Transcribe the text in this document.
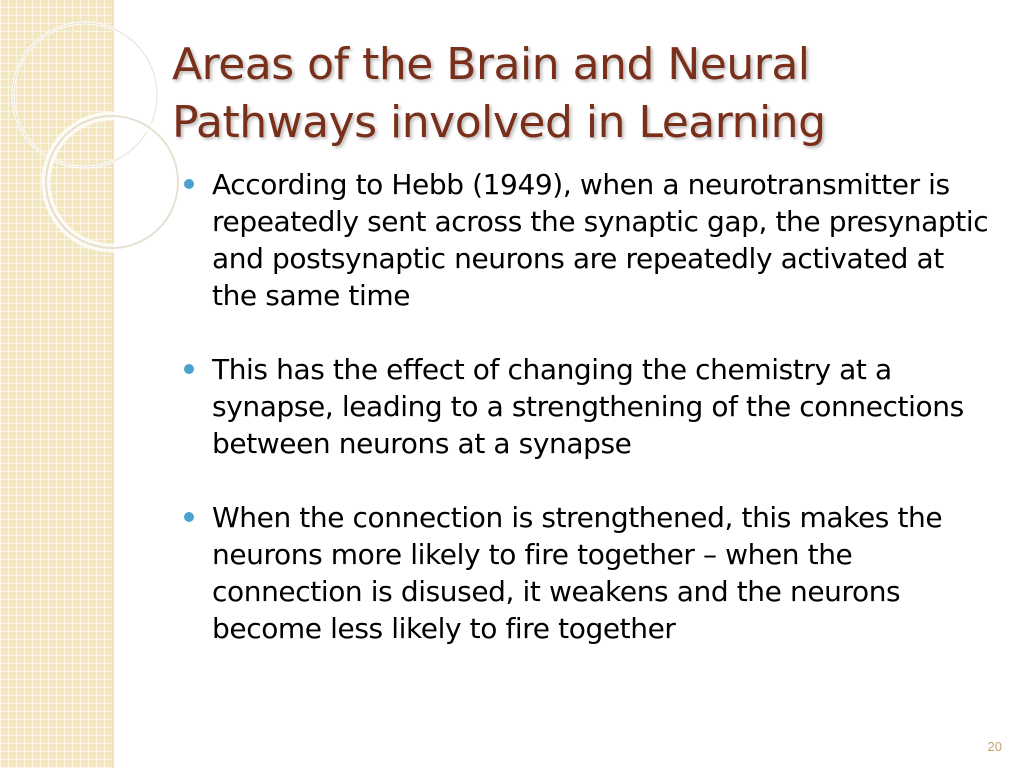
Areas of the Brain and Neural
Pathways involved in Learning
According to Hebb (1949), when a neurotransmitter is repeatedly sent across the synaptic gap, the presynaptic and postsynaptic neurons are repeatedly activated at the same time
This has the effect of changing the chemistry at a synapse, leading to a strengthening of the connections between neurons at a synapse
When the connection is strengthened, this makes the neurons more likely to fire together – when the connection is disused, it weakens and the neurons become less likely to fire together
20
